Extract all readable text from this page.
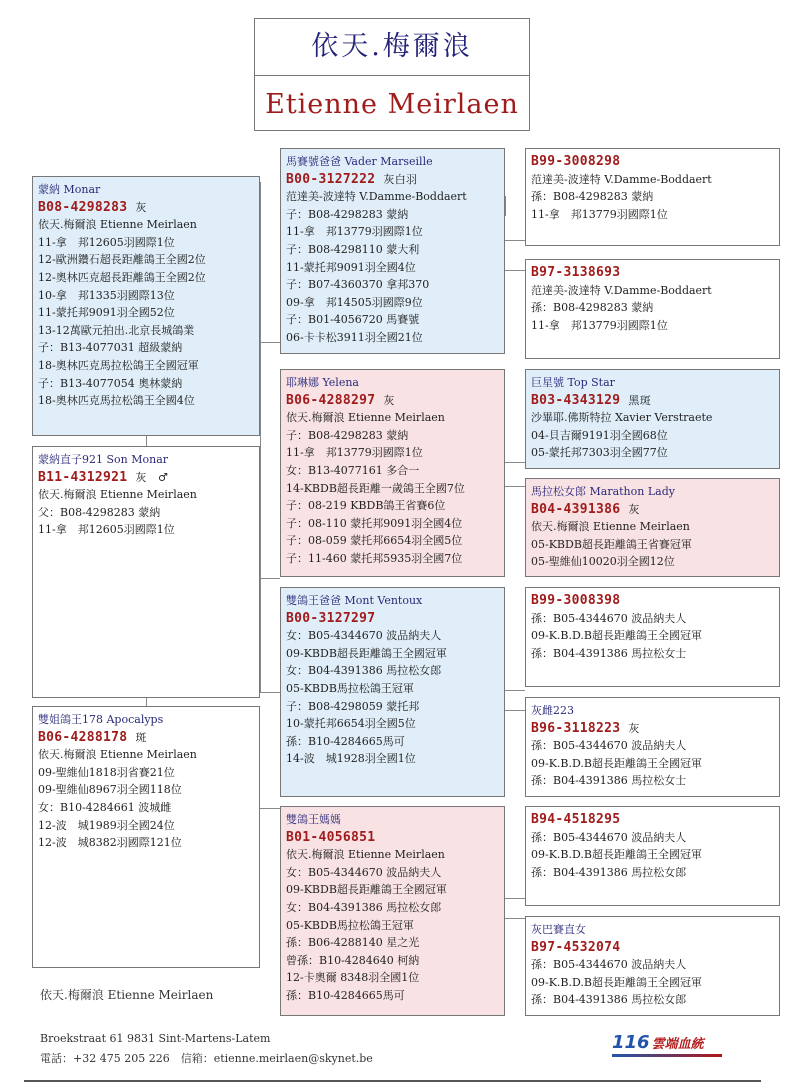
依天.梅爾浪
Etienne Meirlaen
蒙納 Monar
B08-4298283 灰
依天.梅爾浪 Etienne Meirlaen
11-拿　邦12605羽國際1位
12-歐洲鑽石超長距離鴿王全國2位
12-奧林匹克超長距離鴿王全國2位
10-拿　邦1335羽國際13位
11-蒙托邦9091羽全國52位
13-12萬歐元拍出.北京長城鴿業
子：B13-4077031 超級蒙納
18-奧林匹克馬拉松鴿王全國冠軍
子：B13-4077054 奧林蒙納
18-奧林匹克馬拉松鴿王全國4位
蒙納直子921 Son Monar
B11-4312921 灰　♂
依天.梅爾浪 Etienne Meirlaen
父：B08-4298283 蒙納
11-拿　邦12605羽國際1位
雙姐鴿王178 Apocalyps
B06-4288178 斑
依天.梅爾浪 Etienne Meirlaen
09-聖維仙1818羽省賽21位
09-聖維仙8967羽全國118位
女：B10-4284661 波城雌
12-波　城1989羽全國24位
12-波　城8382羽國際121位
馬賽號爸爸 Vader Marseille
B00-3127222 灰白羽
范達美-波達特 V.Damme-Boddaert
子：B08-4298283 蒙納
11-拿　邦13779羽國際1位
子：B08-4298110 蒙大利
11-蒙托邦9091羽全國4位
子：B07-4360370 拿邦370
09-拿　邦14505羽國際9位
子：B01-4056720 馬賽號
06-卡卡松3911羽全國21位
耶琳娜 Yelena
B06-4288297 灰
依天.梅爾浪 Etienne Meirlaen
子：B08-4298283 蒙納
11-拿　邦13779羽國際1位
女：B13-4077161 多合一
14-KBDB超長距離一歲鴿王全國7位
子：08-219 KBDB鴿王省賽6位
子：08-110 蒙托邦9091羽全國4位
子：08-059 蒙托邦6654羽全國5位
子：11-460 蒙托邦5935羽全國7位
雙鴿王爸爸 Mont Ventoux
B00-3127297
女：B05-4344670 波品納夫人
09-KBDB超長距離鴿王全國冠軍
女：B04-4391386 馬拉松女郎
05-KBDB馬拉松鴿王冠軍
子：B08-4298059 蒙托邦
10-蒙托邦6654羽全國5位
孫：B10-4284665馬可
14-波　城1928羽全國1位
雙鴿王媽媽
B01-4056851
依天.梅爾浪 Etienne Meirlaen
女：B05-4344670 波品納夫人
09-KBDB超長距離鴿王全國冠軍
女：B04-4391386 馬拉松女郎
05-KBDB馬拉松鴿王冠軍
孫：B06-4288140 星之光
曾孫：B10-4284640 柯納
12-卡奧爾 8348羽全國1位
孫：B10-4284665馬可
B99-3008298
范達美-波達特 V.Damme-Boddaert
孫：B08-4298283 蒙納
11-拿　邦13779羽國際1位
B97-3138693
范達美-波達特 V.Damme-Boddaert
孫：B08-4298283 蒙納
11-拿　邦13779羽國際1位
巨星號 Top Star
B03-4343129 黑斑
沙畢耶.佛斯特拉 Xavier Verstraete
04-貝吉爾9191羽全國68位
05-蒙托邦7303羽全國77位
馬拉松女郎 Marathon Lady
B04-4391386 灰
依天.梅爾浪 Etienne Meirlaen
05-KBDB超長距離鴿王省賽冠軍
05-聖維仙10020羽全國12位
B99-3008398
孫：B05-4344670 波品納夫人
09-K.B.D.B超長距離鴿王全國冠軍
孫：B04-4391386 馬拉松女士
灰雌223
B96-3118223 灰
孫：B05-4344670 波品納夫人
09-K.B.D.B超長距離鴿王全國冠軍
孫：B04-4391386 馬拉松女士
B94-4518295
孫：B05-4344670 波品納夫人
09-K.B.D.B超長距離鴿王全國冠軍
孫：B04-4391386 馬拉松女郎
灰巴賽直女
B97-4532074
孫：B05-4344670 波品納夫人
09-K.B.D.B超長距離鴿王全國冠軍
孫：B04-4391386 馬拉松女郎
依天.梅爾浪 Etienne Meirlaen
Broekstraat 61 9831 Sint-Martens-Latem
電話：+32 475 205 226　信箱：etienne.meirlaen@skynet.be
116 雲端血統
